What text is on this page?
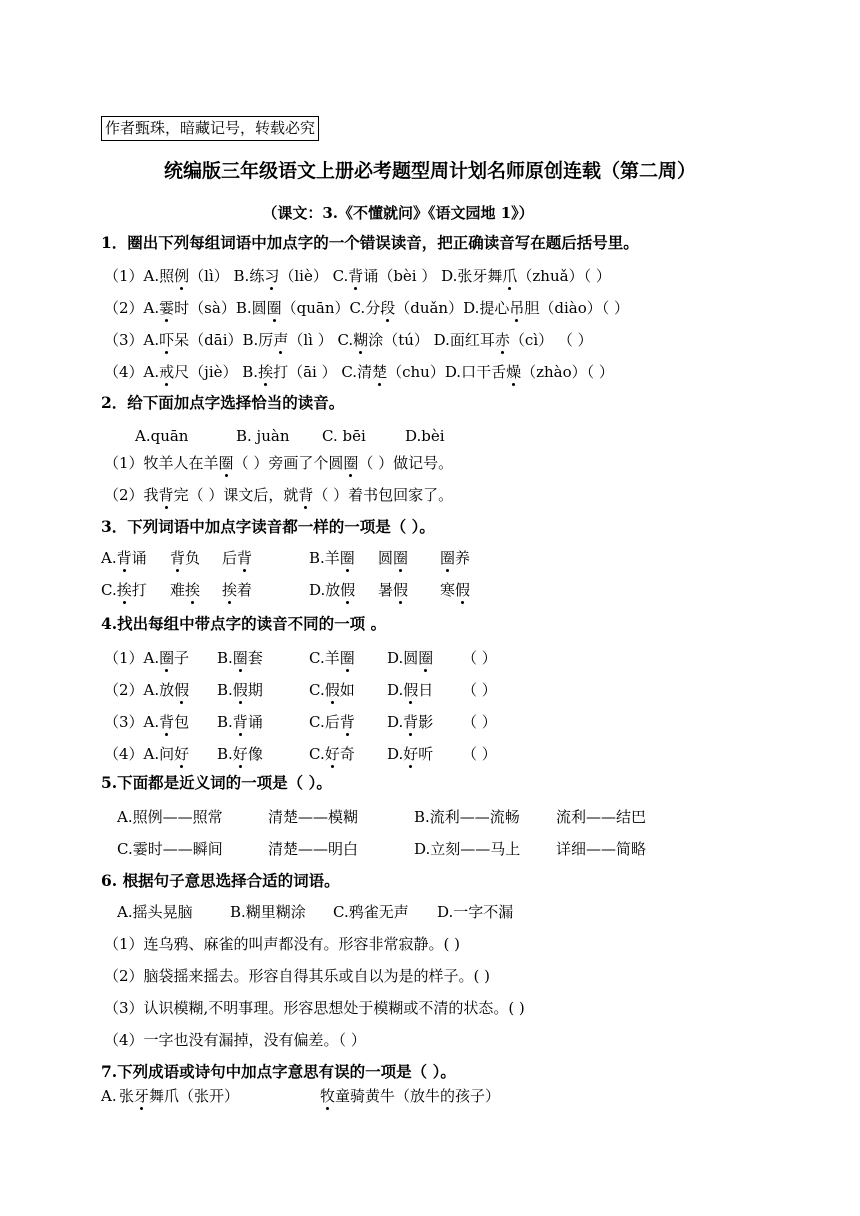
作者甄珠，暗藏记号，转载必究
统编版三年级语文上册必考题型周计划名师原创连载（第二周）
（课文：3.《不懂就问》《语文园地 1》）
1．圈出下列每组词语中加点字的一个错误读音，把正确读音写在题后括号里。
（1）A.照例（lì） B.练习（liè） C.背诵（bèi ） D.张牙舞爪（zhuǎ）（ ）
（2）A.霎时（sà）B.圆圈（quān）C.分段（duǎn）D.提心吊胆（diào）（ ）
（3）A.吓呆（dāi）B.厉声（lì ） C.糊涂（tú） D.面红耳赤（cì） （ ）
（4）A.戒尺（jiè） B.挨打（āi ） C.清楚（chu）D.口干舌燥（zhào）（ ）
2．给下面加点字选择恰当的读音。
A.quān	B. juàn C. bēi	D.bèi
（1）牧羊人在羊圈（ ）旁画了个圆圈（ ）做记号。
（2）我背完（ ）课文后，就背（ ）着书包回家了。
3．下列词语中加点字读音都一样的一项是（ ）。
4.找出每组中带点字的读音不同的一项 。
5.下面都是近义词的一项是（ ）。
A.照例——照常	清楚——模糊	B.流利——流畅 流利——结巴
C.霎时——瞬间	清楚——明白	D.立刻——马上 详细——简略
6. 根据句子意思选择合适的词语。
A.摇头晃脑 B.糊里糊涂 C.鸦雀无声 D.一字不漏
（1）连乌鸦、麻雀的叫声都没有。形容非常寂静。( )
（2）脑袋摇来摇去。形容自得其乐或自以为是的样子。( )
（3）认识模糊,不明事理。形容思想处于模糊或不清的状态。( )
（4）一字也没有漏掉，没有偏差。（ ）
7.下列成语或诗句中加点字意思有误的一项是（ ）。
A.背诵 背负 后背	B.羊圈 圆圈 圈养
C.挨打 难挨 挨着	D.放假 暑假 寒假
（1）A.圈子 B.圈套	C.羊圈 D.圆圈 （ ）
（2）A.放假 B.假期	C.假如 D.假日 （ ）
（3）A.背包 B.背诵	C.后背 D.背影 （ ）
（4）A.问好 B.好像	C.好奇 D.好听 （ ）
A. 张牙舞爪（张开）	牧童骑黄牛（放牛的孩子）
